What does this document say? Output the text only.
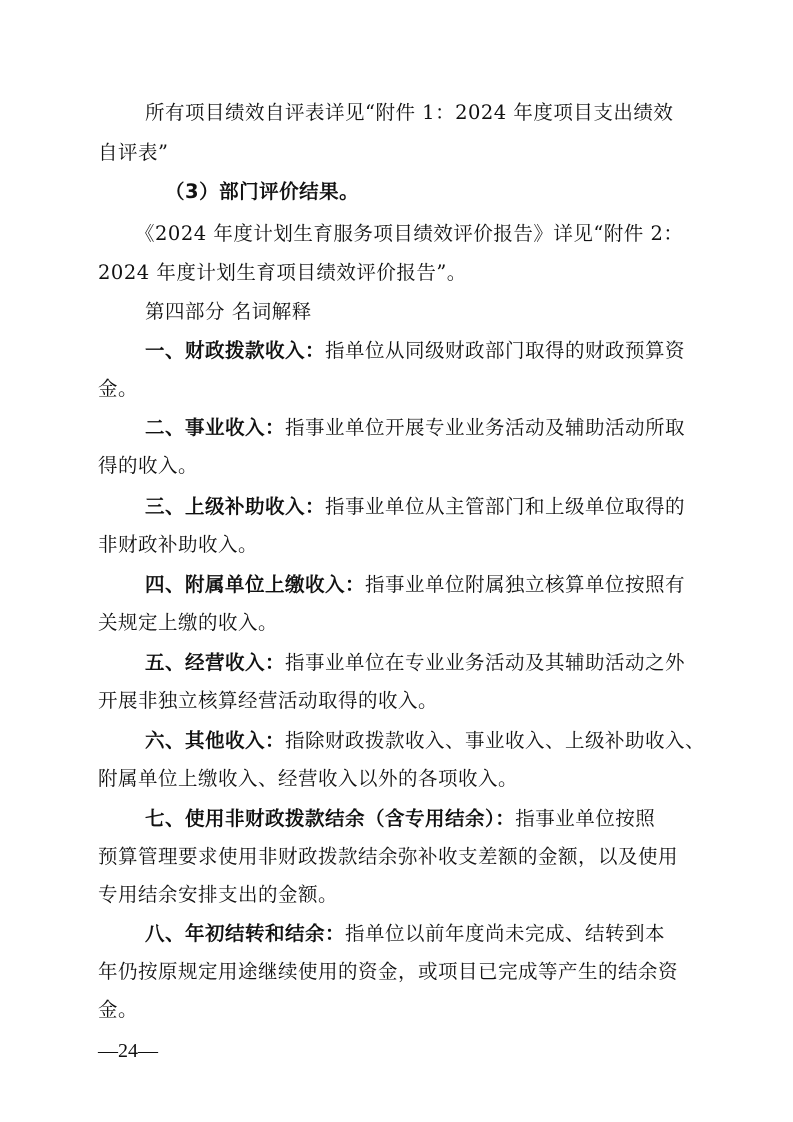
所有项目绩效自评表详见“附件 1：2024 年度项目支出绩效
自评表”
（3）部门评价结果。
《2024 年度计划生育服务项目绩效评价报告》详见“附件 2：
2024 年度计划生育项目绩效评价报告”。
第四部分 名词解释
一、财政拨款收入：指单位从同级财政部门取得的财政预算资
金。
二、事业收入：指事业单位开展专业业务活动及辅助活动所取
得的收入。
三、上级补助收入：指事业单位从主管部门和上级单位取得的
非财政补助收入。
四、附属单位上缴收入：指事业单位附属独立核算单位按照有
关规定上缴的收入。
五、经营收入：指事业单位在专业业务活动及其辅助活动之外
开展非独立核算经营活动取得的收入。
六、其他收入：指除财政拨款收入、事业收入、上级补助收入、
附属单位上缴收入、经营收入以外的各项收入。
七、使用非财政拨款结余（含专用结余）：指事业单位按照
预算管理要求使用非财政拨款结余弥补收支差额的金额，以及使用
专用结余安排支出的金额。
八、年初结转和结余：指单位以前年度尚未完成、结转到本
年仍按原规定用途继续使用的资金，或项目已完成等产生的结余资
金。
—24—
